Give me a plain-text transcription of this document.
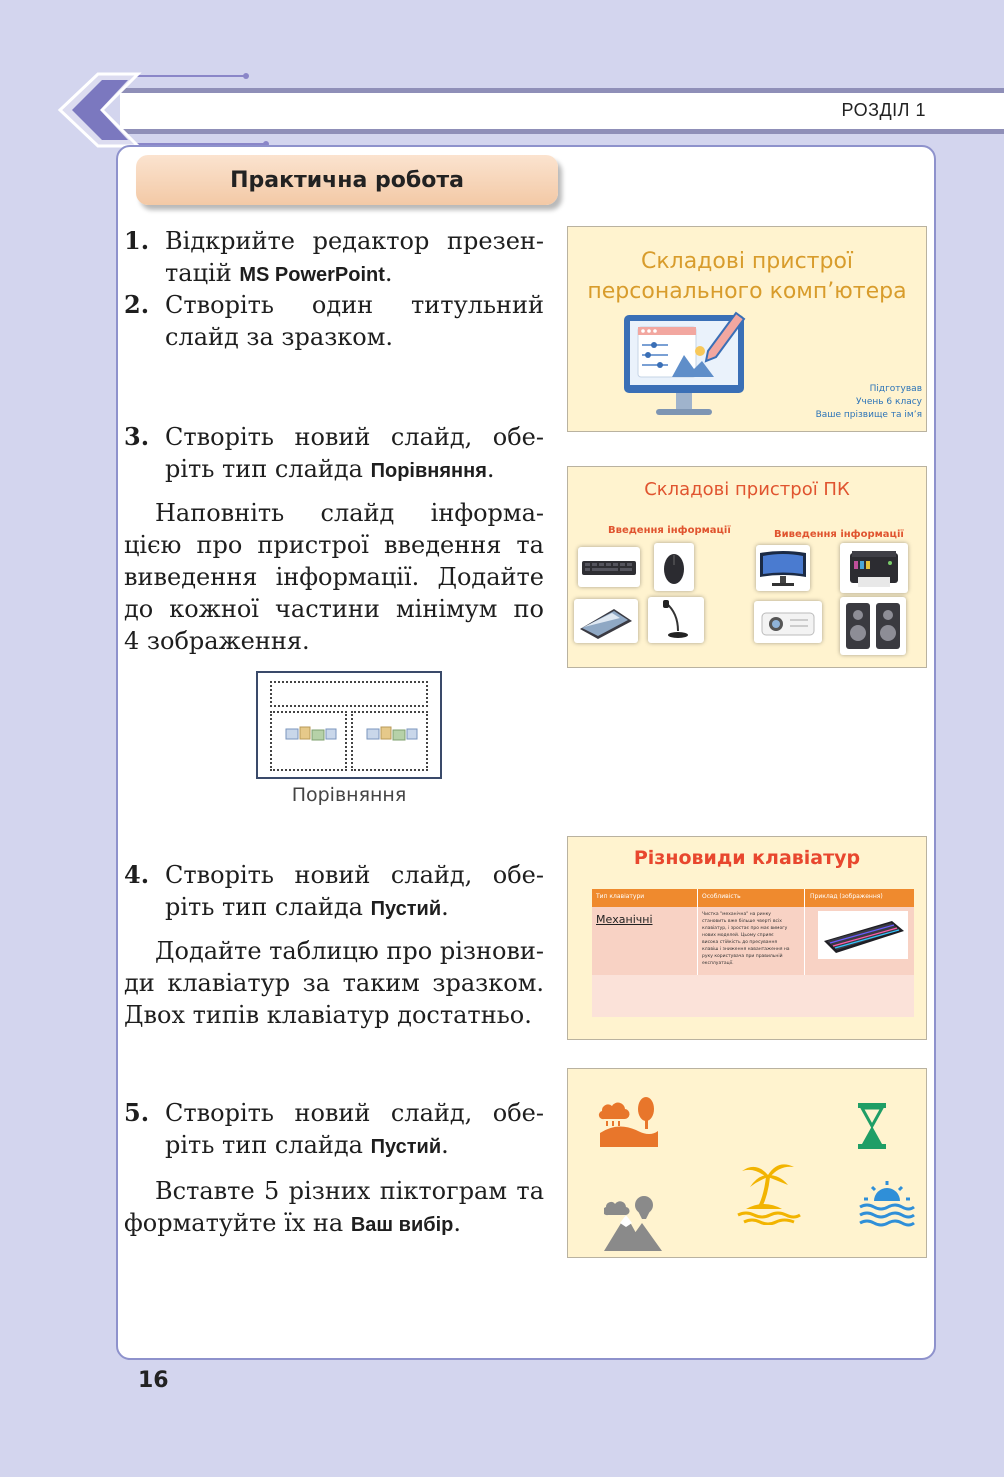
РОЗДІЛ 1
Практична робота
1. Відкрийте редактор презен-
тацій MS PowerPoint.
2. Створіть один титульний
слайд за зразком.
3. Створіть новий слайд, обе-
ріть тип слайда Порівняння.
Наповніть слайд інформа-
цією про пристрої введення та
виведення інформації. Додайте
до кожної частини мінімум по
4 зображення.
Порівняння
4. Створіть новий слайд, обе-
ріть тип слайда Пустий.
Додайте таблицю про різнови-
ди клавіатур за таким зразком.
Двох типів клавіатур достатньо.
5. Створіть новий слайд, обе-
ріть тип слайда Пустий.
Вставте 5 різних піктограм та
форматуйте їх на Ваш вибір.
Складові пристрої
персонального комп’ютера
Підготував
Учень 6 класу
Ваше прізвище та ім’я
Складові пристрої ПК
Введення інформації	Виведення інформації
Різновиди клавіатур
Тип клавіатури	Особливість	Приклад (зображення)
Механічні	Чистка "механічна" на ринку
становить вже більше чверті всіх
клавіатур, і зростає про має вимогу
нових моделей. Цьому сприяє
висока стійкість до пресування
клавіш і зниження навантаження на
руку користувача при правильній
експлуатації.
16
